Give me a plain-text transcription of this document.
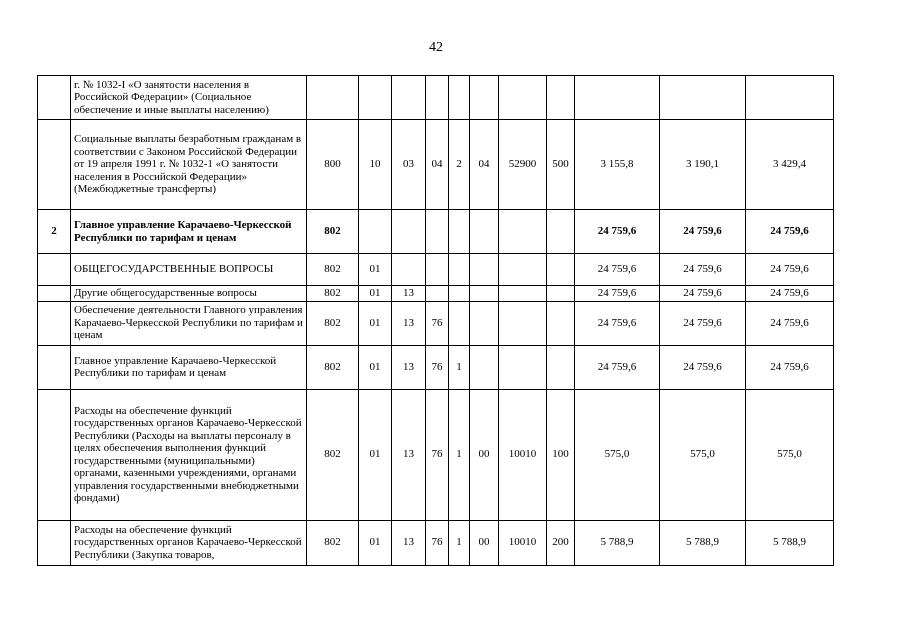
42
	г. № 1032-I «О занятости населения в Российской Федерации» (Социальное обеспечение и иные выплаты населению)											
	Социальные выплаты безработным гражданам в соответствии с Законом Российской Федерации от 19 апреля 1991 г. № 1032-1 «О занятости населения в Российской Федерации» (Межбюджетные трансферты)	800	10	03	04	2	04	52900	500	3 155,8	3 190,1	3 429,4
2	Главное управление Карачаево-Черкесской Республики по тарифам и ценам	802								24 759,6	24 759,6	24 759,6
	ОБЩЕГОСУДАРСТВЕННЫЕ ВОПРОСЫ	802	01							24 759,6	24 759,6	24 759,6
	Другие общегосударственные вопросы	802	01	13						24 759,6	24 759,6	24 759,6
	Обеспечение деятельности Главного управления Карачаево-Черкесской Республики по тарифам и ценам	802	01	13	76					24 759,6	24 759,6	24 759,6
	Главное управление Карачаево-Черкесской Республики по тарифам и ценам	802	01	13	76	1				24 759,6	24 759,6	24 759,6
	Расходы на обеспечение функций государственных органов Карачаево-Черкесской Республики (Расходы на выплаты персоналу в целях обеспечения выполнения функций государственными (муниципальными) органами, казенными учреждениями, органами управления государственными внебюджетными фондами)	802	01	13	76	1	00	10010	100	575,0	575,0	575,0
	Расходы на обеспечение функций государственных органов Карачаево-Черкесской Республики (Закупка товаров,	802	01	13	76	1	00	10010	200	5 788,9	5 788,9	5 788,9
